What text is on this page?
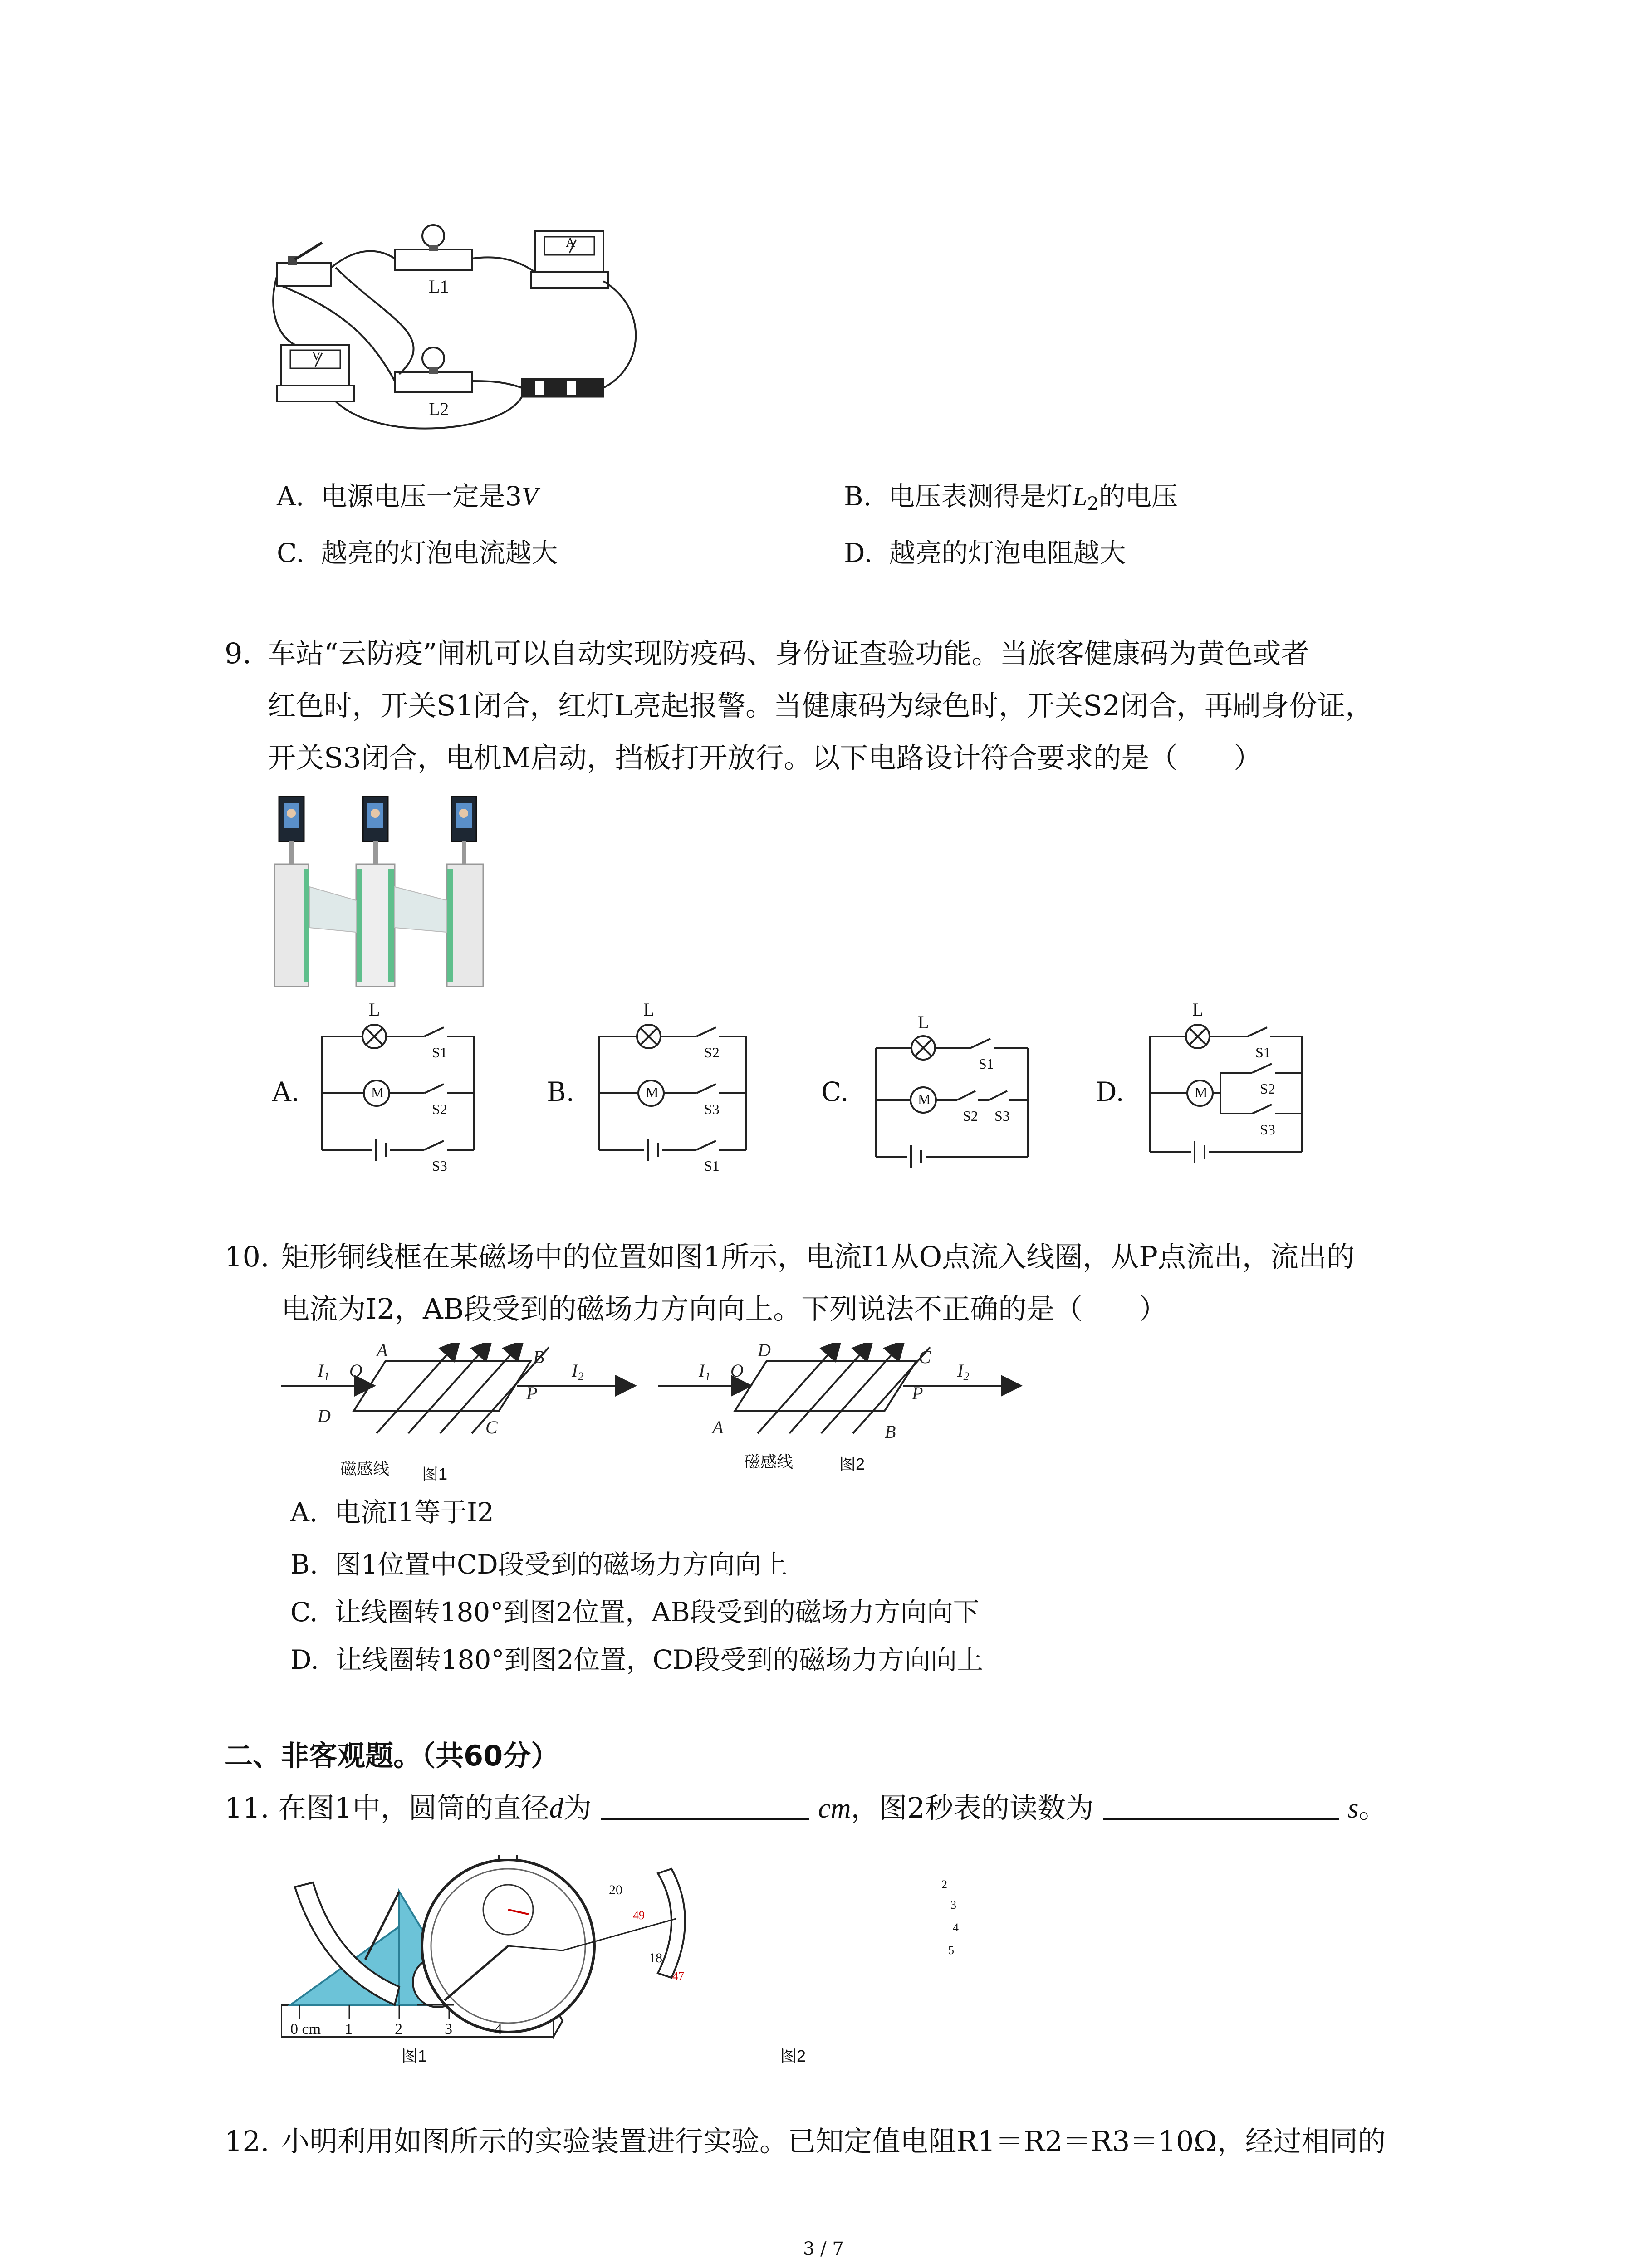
L1
L2
A
V
A. 电源电压一定是3V	B. 电压表测得是灯$L_2$的电压
C. 越亮的灯泡电流越大	D. 越亮的灯泡电阻越大
9. 车站“云防疫”闸机可以自动实现防疫码、身份证查验功能。当旅客健康码为黄色或者
红色时，开关S1闭合，红灯L亮起报警。当健康码为绿色时，开关S2闭合，再刷身份证，
开关S3闭合，电机M启动，挡板打开放行。以下电路设计符合要求的是（　　）
A.	B.	C.	D.
L
M
S1
S2
S3
L
M
S2
S3
S1
L
M
S1
S2 S3
L
M
S1
S2
S3
10. 矩形铜线框在某磁场中的位置如图1所示，电流I1从O点流入线圈，从P点流出，流出的
电流为I2，AB段受到的磁场力方向向上。下列说法不正确的是（　　）
$I_1$ O
A	B
$I_2$
P
D
C
$I_1$ O
D	C
$I_2$
P
A	B
磁感线 图1
磁感线	图2
A. 电流I1等于I2
B. 图1位置中CD段受到的磁场力方向向上
C. 让线圈转180°到图2位置，AB段受到的磁场力方向向下
D. 让线圈转180°到图2位置，CD段受到的磁场力方向向上
二、非客观题。（共60分）
11. 在图1中，圆筒的直径d为	cm，图2秒表的读数为	s。
0 cm 1	2	3	4
20
49
18
47
2
3
4
5
图1	图2
12. 小明利用如图所示的实验装置进行实验。已知定值电阻R1＝R2＝R3＝10Ω，经过相同的
3 / 7
